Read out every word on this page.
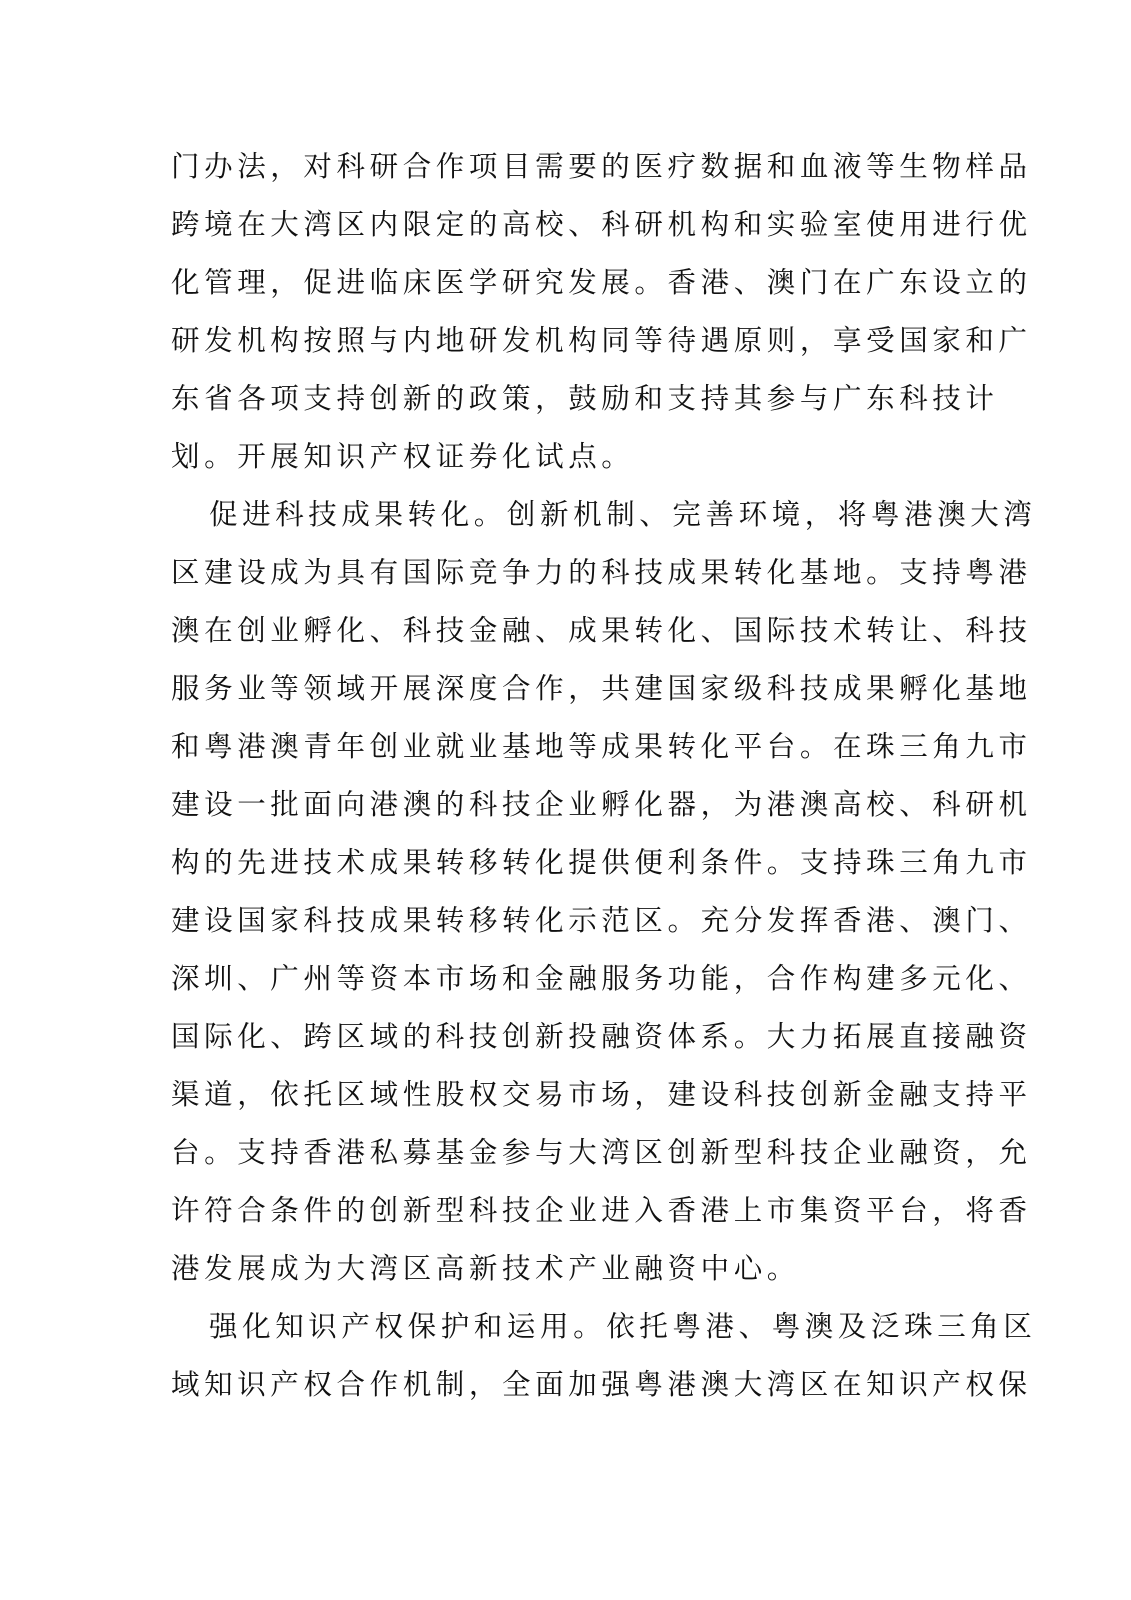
门办法，对科研合作项目需要的医疗数据和血液等生物样品
跨境在大湾区内限定的高校、科研机构和实验室使用进行优
化管理，促进临床医学研究发展。香港、澳门在广东设立的
研发机构按照与内地研发机构同等待遇原则，享受国家和广
东省各项支持创新的政策，鼓励和支持其参与广东科技计
划。开展知识产权证券化试点。
促进科技成果转化。创新机制、完善环境，将粤港澳大湾
区建设成为具有国际竞争力的科技成果转化基地。支持粤港
澳在创业孵化、科技金融、成果转化、国际技术转让、科技
服务业等领域开展深度合作，共建国家级科技成果孵化基地
和粤港澳青年创业就业基地等成果转化平台。在珠三角九市
建设一批面向港澳的科技企业孵化器，为港澳高校、科研机
构的先进技术成果转移转化提供便利条件。支持珠三角九市
建设国家科技成果转移转化示范区。充分发挥香港、澳门、
深圳、广州等资本市场和金融服务功能，合作构建多元化、
国际化、跨区域的科技创新投融资体系。大力拓展直接融资
渠道，依托区域性股权交易市场，建设科技创新金融支持平
台。支持香港私募基金参与大湾区创新型科技企业融资，允
许符合条件的创新型科技企业进入香港上市集资平台，将香
港发展成为大湾区高新技术产业融资中心。
强化知识产权保护和运用。依托粤港、粤澳及泛珠三角区
域知识产权合作机制，全面加强粤港澳大湾区在知识产权保
